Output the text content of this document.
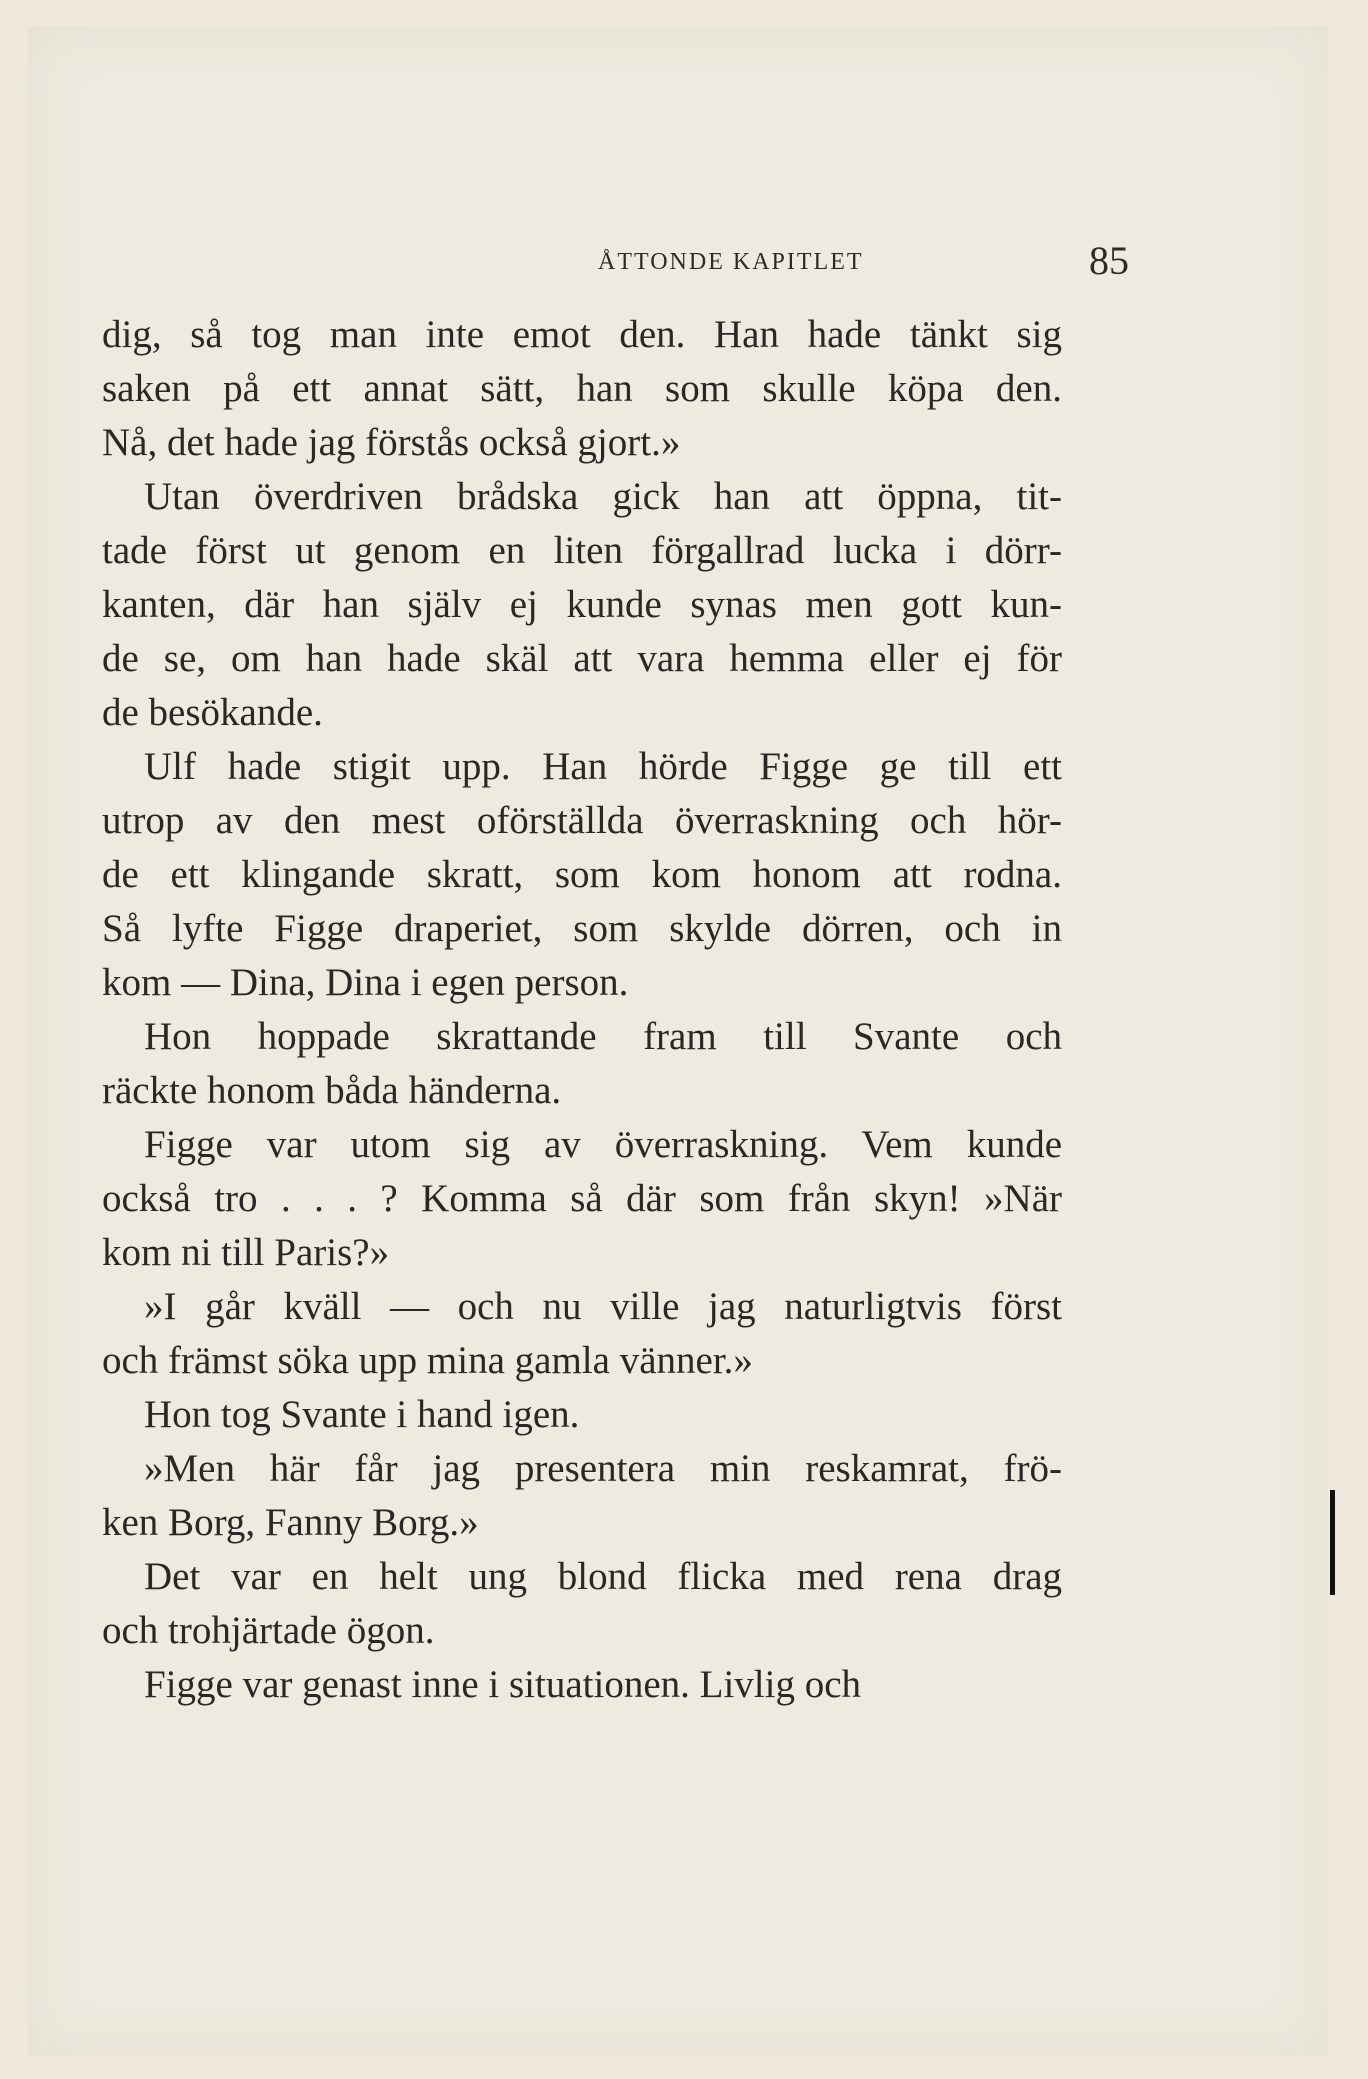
ÅTTONDE KAPITLET	85
dig, så tog man inte emot den. Han hade tänkt sig
saken på ett annat sätt, han som skulle köpa den.
Nå, det hade jag förstås också gjort.»
Utan överdriven brådska gick han att öppna, tit-
tade först ut genom en liten förgallrad lucka i dörr-
kanten, där han själv ej kunde synas men gott kun-
de se, om han hade skäl att vara hemma eller ej för
de besökande.
Ulf hade stigit upp. Han hörde Figge ge till ett
utrop av den mest oförställda överraskning och hör-
de ett klingande skratt, som kom honom att rodna.
Så lyfte Figge draperiet, som skylde dörren, och in
kom — Dina, Dina i egen person.
Hon hoppade skrattande fram till Svante och
räckte honom båda händerna.
Figge var utom sig av överraskning. Vem kunde
också tro . . . ? Komma så där som från skyn! »När
kom ni till Paris?»
»I går kväll — och nu ville jag naturligtvis först
och främst söka upp mina gamla vänner.»
Hon tog Svante i hand igen.
»Men här får jag presentera min reskamrat, frö-
ken Borg, Fanny Borg.»
Det var en helt ung blond flicka med rena drag
och trohjärtade ögon.
Figge var genast inne i situationen. Livlig och
